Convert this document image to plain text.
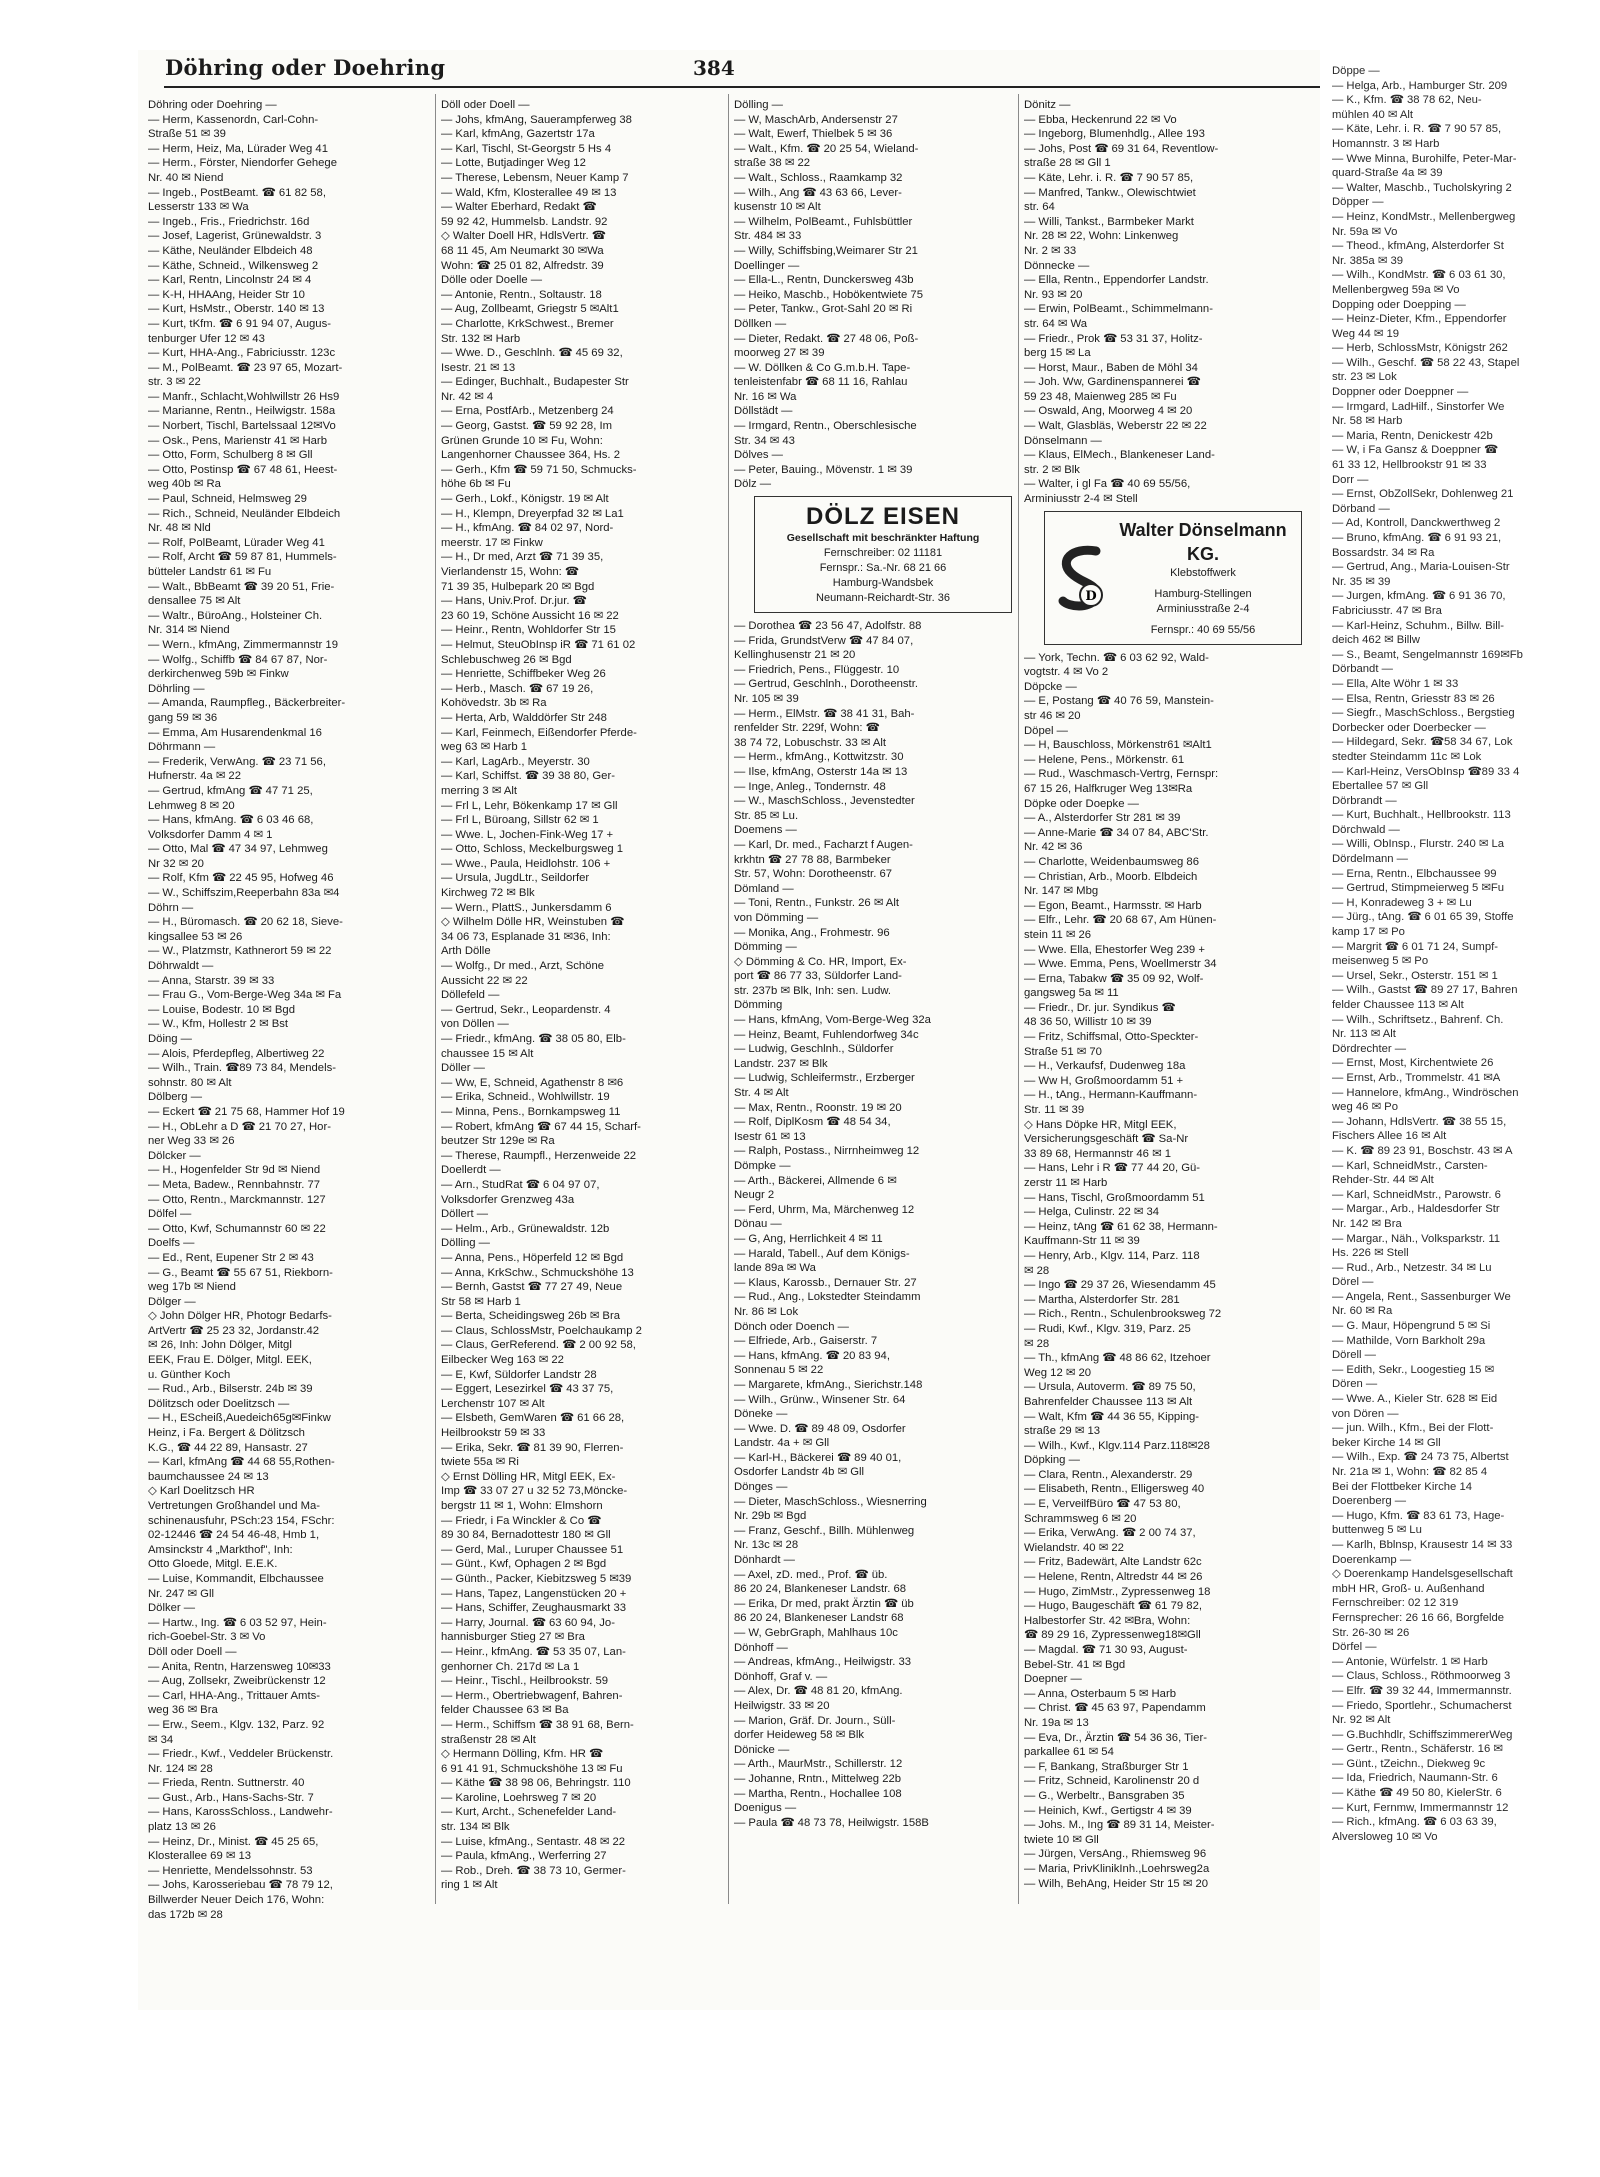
Döhring oder Doehring	384

Döhring oder Doehring —

— Herm, Kassenordn, Carl-Cohn-

Straße 51 ✉ 39

— Herm, Heiz, Ma, Lürader Weg 41

— Herm., Förster, Niendorfer Gehege

Nr. 40 ✉ Niend

— Ingeb., PostBeamt. ☎ 61 82 58,

Lesserstr 133 ✉ Wa

— Ingeb., Fris., Friedrichstr. 16d

— Josef, Lagerist, Grünewaldstr. 3

— Käthe, Neuländer Elbdeich 48

— Käthe, Schneid., Wilkensweg 2

— Karl, Rentn, Lincolnstr 24 ✉ 4

— K-H, HHAAng, Heider Str 10

— Kurt, HsMstr., Oberstr. 140 ✉ 13

— Kurt, tKfm. ☎ 6 91 94 07, Augus-

tenburger Ufer 12 ✉ 43

— Kurt, HHA-Ang., Fabriciusstr. 123c

— M., PolBeamt. ☎ 23 97 65, Mozart-

str. 3 ✉ 22

— Manfr., Schlacht,Wohlwillstr 26 Hs9

— Marianne, Rentn., Heilwigstr. 158a

— Norbert, Tischl, Bartelssaal 12✉Vo

— Osk., Pens, Marienstr 41 ✉ Harb

— Otto, Form, Schulberg 8 ✉ Gll

— Otto, Postinsp ☎ 67 48 61, Heest-

weg 40b ✉ Ra

— Paul, Schneid, Helmsweg 29

— Rich., Schneid, Neuländer Elbdeich

Nr. 48 ✉ Nld

— Rolf, PolBeamt, Lürader Weg 41

— Rolf, Archt ☎ 59 87 81, Hummels-

bütteler Landstr 61 ✉ Fu

— Walt., BbBeamt ☎ 39 20 51, Frie-

densallee 75 ✉ Alt

— Waltr., BüroAng., Holsteiner Ch.

Nr. 314 ✉ Niend

— Wern., kfmAng, Zimmermannstr 19

— Wolfg., Schiffb ☎ 84 67 87, Nor-

derkirchenweg 59b ✉ Finkw

Döhrling —

— Amanda, Raumpfleg., Bäckerbreiter-

gang 59 ✉ 36

— Emma, Am Husarendenkmal 16

Döhrmann —

— Frederik, VerwAng. ☎ 23 71 56,

Hufnerstr. 4a ✉ 22

— Gertrud, kfmAng ☎ 47 71 25,

Lehmweg 8 ✉ 20

— Hans, kfmAng. ☎ 6 03 46 68,

Volksdorfer Damm 4 ✉ 1

— Otto, Mal ☎ 47 34 97, Lehmweg

Nr 32 ✉ 20

— Rolf, Kfm ☎ 22 45 95, Hofweg 46

— W., Schiffszim,Reeperbahn 83a ✉4

Döhrn —

— H., Büromasch. ☎ 20 62 18, Sieve-

kingsallee 53 ✉ 26

— W., Platzmstr, Kathnerort 59 ✉ 22

Döhrwaldt —

— Anna, Starstr. 39 ✉ 33

— Frau G., Vom-Berge-Weg 34a ✉ Fa

— Louise, Bodestr. 10 ✉ Bgd

— W., Kfm, Hollestr 2 ✉ Bst

Döing —

— Alois, Pferdepfleg, Albertiweg 22

— Wilh., Train. ☎89 73 84, Mendels-

sohnstr. 80 ✉ Alt

Dölberg —

— Eckert ☎ 21 75 68, Hammer Hof 19

— H., ObLehr a D ☎ 21 70 27, Hor-

ner Weg 33 ✉ 26

Dölcker —

— H., Hogenfelder Str 9d ✉ Niend

— Meta, Badew., Rennbahnstr. 77

— Otto, Rentn., Marckmannstr. 127

Dölfel —

— Otto, Kwf, Schumannstr 60 ✉ 22

Doelfs —

— Ed., Rent, Eupener Str 2 ✉ 43

— G., Beamt ☎ 55 67 51, Riekborn-

weg 17b ✉ Niend

Dölger —

◇ John Dölger HR, Photogr Bedarfs-

ArtVertr ☎ 25 23 32, Jordanstr.42

✉ 26, Inh: John Dölger, Mitgl

EEK, Frau E. Dölger, Mitgl. EEK,

u. Günther Koch

— Rud., Arb., Bilserstr. 24b ✉ 39

Dölitzsch oder Doelitzsch —

— H., EScheiß,Auedeich65g✉Finkw

Heinz, i Fa. Bergert & Dölitzsch

K.G., ☎ 44 22 89, Hansastr. 27

— Karl, kfmAng ☎ 44 68 55,Rothen-

baumchaussee 24 ✉ 13

◇ Karl Doelitzsch HR

Vertretungen Großhandel und Ma-

schinenausfuhr, PSch:23 154, FSchr:

02-12446 ☎ 24 54 46-48, Hmb 1,

Amsinckstr 4 „Markthof", Inh:

Otto Gloede, Mitgl. E.E.K.

— Luise, Kommandit, Elbchaussee

Nr. 247 ✉ Gll

Dölker —

— Hartw., Ing. ☎ 6 03 52 97, Hein-

rich-Goebel-Str. 3 ✉ Vo

Döll oder Doell —

— Anita, Rentn, Harzensweg 10✉33

— Aug, Zollsekr, Zweibrückenstr 12

— Carl, HHA-Ang., Trittauer Amts-

weg 36 ✉ Bra

— Erw., Seem., Klgv. 132, Parz. 92

✉ 34

— Friedr., Kwf., Veddeler Brückenstr.

Nr. 124 ✉ 28

— Frieda, Rentn. Suttnerstr. 40

— Gust., Arb., Hans-Sachs-Str. 7

— Hans, KarossSchloss., Landwehr-

platz 13 ✉ 26

— Heinz, Dr., Minist. ☎ 45 25 65,

Klosterallee 69 ✉ 13

— Henriette, Mendelssohnstr. 53

— Johs, Karosseriebau ☎ 78 79 12,

Billwerder Neuer Deich 176, Wohn:

das 172b ✉ 28

Döll oder Doell —

— Johs, kfmAng, Sauerampferweg 38

— Karl, kfmAng, Gazertstr 17a

— Karl, Tischl, St-Georgstr 5 Hs 4

— Lotte, Butjadinger Weg 12

— Therese, Lebensm, Neuer Kamp 7

— Wald, Kfm, Klosterallee 49 ✉ 13

— Walter Eberhard, Redakt ☎

59 92 42, Hummelsb. Landstr. 92

◇ Walter Doell HR, HdlsVertr. ☎

68 11 45, Am Neumarkt 30 ✉Wa

Wohn: ☎ 25 01 82, Alfredstr. 39

Dölle oder Doelle —

— Antonie, Rentn., Soltaustr. 18

— Aug, Zollbeamt, Griegstr 5 ✉Alt1

— Charlotte, KrkSchwest., Bremer

Str. 132 ✉ Harb

— Wwe. D., Geschlnh. ☎ 45 69 32,

Isestr. 21 ✉ 13

— Edinger, Buchhalt., Budapester Str

Nr. 42 ✉ 4

— Erna, PostfArb., Metzenberg 24

— Georg, Gastst. ☎ 59 92 28, Im

Grünen Grunde 10 ✉ Fu, Wohn:

Langenhorner Chaussee 364, Hs. 2

— Gerh., Kfm ☎ 59 71 50, Schmucks-

höhe 6b ✉ Fu

— Gerh., Lokf., Königstr. 19 ✉ Alt

— H., Klempn, Dreyerpfad 32 ✉ La1

— H., kfmAng. ☎ 84 02 97, Nord-

meerstr. 17 ✉ Finkw

— H., Dr med, Arzt ☎ 71 39 35,

Vierlandenstr 15, Wohn: ☎

71 39 35, Hulbepark 20 ✉ Bgd

— Hans, Univ.Prof. Dr.jur. ☎

23 60 19, Schöne Aussicht 16 ✉ 22

— Heinr., Rentn, Wohldorfer Str 15

— Helmut, SteuObInsp iR ☎ 71 61 02

Schlebuschweg 26 ✉ Bgd

— Henriette, Schiffbeker Weg 26

— Herb., Masch. ☎ 67 19 26,

Kohövedstr. 3b ✉ Ra

— Herta, Arb, Walddörfer Str 248

— Karl, Feinmech, Eißendorfer Pferde-

weg 63 ✉ Harb 1

— Karl, LagArb., Meyerstr. 30

— Karl, Schiffst. ☎ 39 38 80, Ger-

merring 3 ✉ Alt

— Frl L, Lehr, Bökenkamp 17 ✉ Gll

— Frl L, Büroang, Sillstr 62 ✉ 1

— Wwe. L, Jochen-Fink-Weg 17 +

— Otto, Schloss, Meckelburgsweg 1

— Wwe., Paula, Heidlohstr. 106 +

— Ursula, JugdLtr., Seildorfer

Kirchweg 72 ✉ Blk

— Wern., PlattS., Junkersdamm 6

◇ Wilhelm Dölle HR, Weinstuben ☎

34 06 73, Esplanade 31 ✉36, Inh:

Arth Dölle

— Wolfg., Dr med., Arzt, Schöne

Aussicht 22 ✉ 22

Döllefeld —

— Gertrud, Sekr., Leopardenstr. 4

von Döllen —

— Friedr., kfmAng. ☎ 38 05 80, Elb-

chaussee 15 ✉ Alt

Döller —

— Ww, E, Schneid, Agathenstr 8 ✉6

— Erika, Schneid., Wohlwillstr. 19

— Minna, Pens., Bornkampsweg 11

— Robert, kfmAng ☎ 67 44 15, Scharf-

beutzer Str 129e ✉ Ra

— Therese, Raumpfl., Herzenweide 22

Doellerdt —

— Arn., StudRat ☎ 6 04 97 07,

Volksdorfer Grenzweg 43a

Döllert —

— Helm., Arb., Grünewaldstr. 12b

Dölling —

— Anna, Pens., Höperfeld 12 ✉ Bgd

— Anna, KrkSchw., Schmuckshöhe 13

— Bernh, Gastst ☎ 77 27 49, Neue

Str 58 ✉ Harb 1

— Berta, Scheidingsweg 26b ✉ Bra

— Claus, SchlossMstr, Poelchaukamp 2

— Claus, GerReferend. ☎ 2 00 92 58,

Eilbecker Weg 163 ✉ 22

— E, Kwf, Süldorfer Landstr 28

— Eggert, Lesezirkel ☎ 43 37 75,

Lerchenstr 107 ✉ Alt

— Elsbeth, GemWaren ☎ 61 66 28,

Heilbrookstr 59 ✉ 33

— Erika, Sekr. ☎ 81 39 90, Flerren-

twiete 55a ✉ Ri

◇ Ernst Dölling HR, Mitgl EEK, Ex-

Imp ☎ 33 07 27 u 32 52 73,Möncke-

bergstr 11 ✉ 1, Wohn: Elmshorn

— Friedr, i Fa Winckler & Co ☎

89 30 84, Bernadottestr 180 ✉ Gll

— Gerd, Mal., Luruper Chaussee 51

— Günt., Kwf, Ophagen 2 ✉ Bgd

— Günth., Packer, Kiebitzsweg 5 ✉39

— Hans, Tapez, Langenstücken 20 +

— Hans, Schiffer, Zeughausmarkt 33

— Harry, Journal. ☎ 63 60 94, Jo-

hannisburger Stieg 27 ✉ Bra

— Heinr., kfmAng. ☎ 53 35 07, Lan-

genhorner Ch. 217d ✉ La 1

— Heinr., Tischl., Heilbrookstr. 59

— Herm., Obertriebwagenf, Bahren-

felder Chaussee 63 ✉ Ba

— Herm., Schiffsm ☎ 38 91 68, Bern-

straßenstr 28 ✉ Alt

◇ Hermann Dölling, Kfm. HR ☎

6 91 41 91, Schmuckshöhe 13 ✉ Fu

— Käthe ☎ 38 98 06, Behringstr. 110

— Karoline, Loehrsweg 7 ✉ 20

— Kurt, Archt., Schenefelder Land-

str. 134 ✉ Blk

— Luise, kfmAng., Sentastr. 48 ✉ 22

— Paula, kfmAng., Werferring 27

— Rob., Dreh. ☎ 38 73 10, Germer-

ring 1 ✉ Alt

Dölling —

— W, MaschArb, Andersenstr 27

— Walt, Ewerf, Thielbek 5 ✉ 36

— Walt., Kfm. ☎ 20 25 54, Wieland-

straße 38 ✉ 22

— Walt., Schloss., Raamkamp 32

— Wilh., Ang ☎ 43 63 66, Lever-

kusenstr 10 ✉ Alt

— Wilhelm, PolBeamt., Fuhlsbüttler

Str. 484 ✉ 33

— Willy, Schiffsbing,Weimarer Str 21

Doellinger —

— Ella-L., Rentn, Dunckersweg 43b

— Heiko, Maschb., Hobökentwiete 75

— Peter, Tankw., Grot-Sahl 20 ✉ Ri

Döllken —

— Dieter, Redakt. ☎ 27 48 06, Poß-

moorweg 27 ✉ 39

— W. Döllken & Co G.m.b.H. Tape-

tenleistenfabr ☎ 68 11 16, Rahlau

Nr. 16 ✉ Wa

Döllstädt —

— Irmgard, Rentn., Oberschlesische

Str. 34 ✉ 43

Dölves —

— Peter, Bauing., Mövenstr. 1 ✉ 39

Dölz —

DÖLZ EISEN
Gesellschaft mit beschränkter Haftung
Fernschreiber: 02 11181
Fernspr.: Sa.-Nr. 68 21 66
Hamburg-Wandsbek
Neumann-Reichardt-Str. 36

— Dorothea ☎ 23 56 47, Adolfstr. 88

— Frida, GrundstVerw ☎ 47 84 07,

Kellinghusenstr 21 ✉ 20

— Friedrich, Pens., Flüggestr. 10

— Gertrud, Geschlnh., Dorotheenstr.

Nr. 105 ✉ 39

— Herm., ElMstr. ☎ 38 41 31, Bah-

renfelder Str. 229f, Wohn: ☎

38 74 72, Lobuschstr. 33 ✉ Alt

— Herm., kfmAng., Kottwitzstr. 30

— Ilse, kfmAng, Osterstr 14a ✉ 13

— Inge, Anleg., Tondernstr. 48

— W., MaschSchloss., Jevenstedter

Str. 85 ✉ Lu.

Doemens —

— Karl, Dr. med., Facharzt f Augen-

krkhtn ☎ 27 78 88, Barmbeker

Str. 57, Wohn: Dorotheenstr. 67

Dömland —

— Toni, Rentn., Funkstr. 26 ✉ Alt

von Dömming —

— Monika, Ang., Frohmestr. 96

Dömming —

◇ Dömming & Co. HR, Import, Ex-

port ☎ 86 77 33, Süldorfer Land-

str. 237b ✉ Blk, Inh: sen. Ludw.

Dömming

— Hans, kfmAng, Vom-Berge-Weg 32a

— Heinz, Beamt, Fuhlendorfweg 34c

— Ludwig, Geschlnh., Süldorfer

Landstr. 237 ✉ Blk

— Ludwig, Schleifermstr., Erzberger

Str. 4 ✉ Alt

— Max, Rentn., Roonstr. 19 ✉ 20

— Rolf, DiplKosm ☎ 48 54 34,

Isestr 61 ✉ 13

— Ralph, Postass., Nirrnheimweg 12

Dömpke —

— Arth., Bäckerei, Allmende 6 ✉

Neugr 2

— Ferd, Uhrm, Ma, Märchenweg 12

Dönau —

— G, Ang, Herrlichkeit 4 ✉ 11

— Harald, Tabell., Auf dem Königs-

lande 89a ✉ Wa

— Klaus, Karossb., Dernauer Str. 27

— Rud., Ang., Lokstedter Steindamm

Nr. 86 ✉ Lok

Dönch oder Doench —

— Elfriede, Arb., Gaiserstr. 7

— Hans, kfmAng. ☎ 20 83 94,

Sonnenau 5 ✉ 22

— Margarete, kfmAng., Sierichstr.148

— Wilh., Grünw., Winsener Str. 64

Döneke —

— Wwe. D. ☎ 89 48 09, Osdorfer

Landstr. 4a + ✉ Gll

— Karl-H., Bäckerei ☎ 89 40 01,

Osdorfer Landstr 4b ✉ Gll

Dönges —

— Dieter, MaschSchloss., Wiesnerring

Nr. 29b ✉ Bgd

— Franz, Geschf., Billh. Mühlenweg

Nr. 13c ✉ 28

Dönhardt —

— Axel, zD. med., Prof. ☎ üb.

86 20 24, Blankeneser Landstr. 68

— Erika, Dr med, prakt Ärztin ☎ üb

86 20 24, Blankeneser Landstr 68

— W, GebrGraph, Mahlhaus 10c

Dönhoff —

— Andreas, kfmAng., Heilwigstr. 33

Dönhoff, Graf v. —

— Alex, Dr. ☎ 48 81 20, kfmAng.

Heilwigstr. 33 ✉ 20

— Marion, Gräf. Dr. Journ., Süll-

dorfer Heideweg 58 ✉ Blk

Dönicke —

— Arth., MaurMstr., Schillerstr. 12

— Johanne, Rntn., Mittelweg 22b

— Martha, Rentn., Hochallee 108

Doenigus —

— Paula ☎ 48 73 78, Heilwigstr. 158B

Dönitz —

— Ebba, Heckenrund 22 ✉ Vo

— Ingeborg, Blumenhdlg., Allee 193

— Johs, Post ☎ 69 31 64, Reventlow-

straße 28 ✉ Gll 1

— Käte, Lehr. i. R. ☎ 7 90 57 85,

— Manfred, Tankw., Olewischtwiet

str. 64

— Willi, Tankst., Barmbeker Markt

Nr. 28 ✉ 22, Wohn: Linkenweg

Nr. 2 ✉ 33

Dönnecke —

— Ella, Rentn., Eppendorfer Landstr.

Nr. 93 ✉ 20

— Erwin, PolBeamt., Schimmelmann-

str. 64 ✉ Wa

— Friedr., Prok ☎ 53 31 37, Holitz-

berg 15 ✉ La

— Horst, Maur., Baben de Möhl 34

— Joh. Ww, Gardinenspannerei ☎

59 23 48, Maienweg 285 ✉ Fu

— Oswald, Ang, Moorweg 4 ✉ 20

— Walt, Glasbläs, Weberstr 22 ✉ 22

Dönselmann —

— Klaus, ElMech., Blankeneser Land-

str. 2 ✉ Blk

— Walter, i gl Fa ☎ 40 69 55/56,

Arminiusstr 2-4 ✉ Stell

D
Walter Dönselmann KG.
Klebstoffwerk
Hamburg-Stellingen
Arminiusstraße 2-4
Fernspr.: 40 69 55/56

— York, Techn. ☎ 6 03 62 92, Wald-

vogtstr. 4 ✉ Vo 2

Döpcke —

— E, Postang ☎ 40 76 59, Manstein-

str 46 ✉ 20

Döpel —

— H, Bauschloss, Mörkenstr61 ✉Alt1

— Helene, Pens., Mörkenstr. 61

— Rud., Waschmasch-Vertrg, Fernspr:

67 15 26, Halfkruger Weg 13✉Ra

Döpke oder Doepke —

— A., Alsterdorfer Str 281 ✉ 39

— Anne-Marie ☎ 34 07 84, ABC'Str.

Nr. 42 ✉ 36

— Charlotte, Weidenbaumsweg 86

— Christian, Arb., Moorb. Elbdeich

Nr. 147 ✉ Mbg

— Egon, Beamt., Harmsstr. ✉ Harb

— Elfr., Lehr. ☎ 20 68 67, Am Hünen-

stein 11 ✉ 26

— Wwe. Ella, Ehestorfer Weg 239 +

— Wwe. Emma, Pens, Woellmerstr 34

— Erna, Tabakw ☎ 35 09 92, Wolf-

gangsweg 5a ✉ 11

— Friedr., Dr. jur. Syndikus ☎

48 36 50, Willistr 10 ✉ 39

— Fritz, Schiffsmal, Otto-Speckter-

Straße 51 ✉ 70

— H., Verkaufsf, Dudenweg 18a

— Ww H, Großmoordamm 51 +

— H., tAng., Hermann-Kauffmann-

Str. 11 ✉ 39

◇ Hans Döpke HR, Mitgl EEK,

Versicherungsgeschäft ☎ Sa-Nr

33 89 68, Hermannstr 46 ✉ 1

— Hans, Lehr i R ☎ 77 44 20, Gü-

zerstr 11 ✉ Harb

— Hans, Tischl, Großmoordamm 51

— Helga, Culinstr. 22 ✉ 34

— Heinz, tAng ☎ 61 62 38, Hermann-

Kauffmann-Str 11 ✉ 39

— Henry, Arb., Klgv. 114, Parz. 118

✉ 28

— Ingo ☎ 29 37 26, Wiesendamm 45

— Martha, Alsterdorfer Str. 281

— Rich., Rentn., Schulenbrooksweg 72

— Rudi, Kwf., Klgv. 319, Parz. 25

✉ 28

— Th., kfmAng ☎ 48 86 62, Itzehoer

Weg 12 ✉ 20

— Ursula, Autoverm. ☎ 89 75 50,

Bahrenfelder Chaussee 113 ✉ Alt

— Walt, Kfm ☎ 44 36 55, Kipping-

straße 29 ✉ 13

— Wilh., Kwf., Klgv.114 Parz.118✉28

Döpking —

— Clara, Rentn., Alexanderstr. 29

— Elisabeth, Rentn., Elligersweg 40

— E, VerveilfBüro ☎ 47 53 80,

Schrammsweg 6 ✉ 20

— Erika, VerwAng. ☎ 2 00 74 37,

Wielandstr. 40 ✉ 22

— Fritz, Badewärt, Alte Landstr 62c

— Helene, Rentn, Altredstr 44 ✉ 26

— Hugo, ZimMstr., Zypressenweg 18

— Hugo, Baugeschäft ☎ 61 79 82,

Halbestorfer Str. 42 ✉Bra, Wohn:

☎ 89 29 16, Zypressenweg18✉Gll

— Magdal. ☎ 71 30 93, August-

Bebel-Str. 41 ✉ Bgd

Doepner —

— Anna, Osterbaum 5 ✉ Harb

— Christ. ☎ 45 63 97, Papendamm

Nr. 19a ✉ 13

— Eva, Dr., Ärztin ☎ 54 36 36, Tier-

parkallee 61 ✉ 54

— F, Bankang, Straßburger Str 1

— Fritz, Schneid, Karolinenstr 20 d

— G., Werbeltr., Bansgraben 35

— Heinich, Kwf., Gertigstr 4 ✉ 39

— Johs. M., Ing ☎ 89 31 14, Meister-

twiete 10 ✉ Gll

— Jürgen, VersAng., Rhiemsweg 96

— Maria, PrivKlinikInh.,Loehrsweg2a

— Wilh, BehAng, Heider Str 15 ✉ 20

Döppe —

— Helga, Arb., Hamburger Str. 209

— K., Kfm. ☎ 38 78 62, Neu-

mühlen 40 ✉ Alt

— Käte, Lehr. i. R. ☎ 7 90 57 85,

Homannstr. 3 ✉ Harb

— Wwe Minna, Burohilfe, Peter-Mar-

quard-Straße 4a ✉ 39

— Walter, Maschb., Tucholskyring 2

Döpper —

— Heinz, KondMstr., Mellenbergweg

Nr. 59a ✉ Vo

— Theod., kfmAng, Alsterdorfer St

Nr. 385a ✉ 39

— Wilh., KondMstr. ☎ 6 03 61 30,

Mellenbergweg 59a ✉ Vo

Dopping oder Doepping —

— Heinz-Dieter, Kfm., Eppendorfer

Weg 44 ✉ 19

— Herb, SchlossMstr, Königstr 262

— Wilh., Geschf. ☎ 58 22 43, Stapel

str. 23 ✉ Lok

Doppner oder Doeppner —

— Irmgard, LadHilf., Sinstorfer We

Nr. 58 ✉ Harb

— Maria, Rentn, Denickestr 42b

— W, i Fa Gansz & Doeppner ☎

61 33 12, Hellbrookstr 91 ✉ 33

Dorr —

— Ernst, ObZollSekr, Dohlenweg 21

Dörband —

— Ad, Kontroll, Danckwerthweg 2

— Bruno, kfmAng. ☎ 6 91 93 21,

Bossardstr. 34 ✉ Ra

— Gertrud, Ang., Maria-Louisen-Str

Nr. 35 ✉ 39

— Jurgen, kfmAng. ☎ 6 91 36 70,

Fabriciusstr. 47 ✉ Bra

— Karl-Heinz, Schuhm., Billw. Bill-

deich 462 ✉ Billw

— S., Beamt, Sengelmannstr 169✉Fb

Dörbandt —

— Ella, Alte Wöhr 1 ✉ 33

— Elsa, Rentn, Griesstr 83 ✉ 26

— Siegfr., MaschSchloss., Bergstieg

Dorbecker oder Doerbecker —

— Hildegard, Sekr. ☎58 34 67, Lok

stedter Steindamm 11c ✉ Lok

— Karl-Heinz, VersObInsp ☎89 33 4

Ebertallee 57 ✉ Gll

Dörbrandt —

— Kurt, Buchhalt., Hellbrookstr. 113

Dörchwald —

— Willi, ObInsp., Flurstr. 240 ✉ La

Dördelmann —

— Erna, Rentn., Elbchaussee 99

— Gertrud, Stimpmeierweg 5 ✉Fu

— H, Konradeweg 3 + ✉ Lu

— Jürg., tAng. ☎ 6 01 65 39, Stoffe

kamp 17 ✉ Po

— Margrit ☎ 6 01 71 24, Sumpf-

meisenweg 5 ✉ Po

— Ursel, Sekr., Osterstr. 151 ✉ 1

— Wilh., Gastst ☎ 89 27 17, Bahren

felder Chaussee 113 ✉ Alt

— Wilh., Schriftsetz., Bahrenf. Ch.

Nr. 113 ✉ Alt

Dördrechter —

— Ernst, Most, Kirchentwiete 26

— Ernst, Arb., Trommelstr. 41 ✉A

— Hannelore, kfmAng., Windröschen

weg 46 ✉ Po

— Johann, HdlsVertr. ☎ 38 55 15,

Fischers Allee 16 ✉ Alt

— K. ☎ 89 23 91, Boschstr. 43 ✉ A

— Karl, SchneidMstr., Carsten-

Rehder-Str. 44 ✉ Alt

— Karl, SchneidMstr., Parowstr. 6

— Margar., Arb., Haldesdorfer Str

Nr. 142 ✉ Bra

— Margar., Näh., Volksparkstr. 11

Hs. 226 ✉ Stell

— Rud., Arb., Netzestr. 34 ✉ Lu

Dörel —

— Angela, Rent., Sassenburger We

Nr. 60 ✉ Ra

— G. Maur, Höpengrund 5 ✉ Si

— Mathilde, Vorn Barkholt 29a

Dörell —

— Edith, Sekr., Loogestieg 15 ✉

Dören —

— Wwe. A., Kieler Str. 628 ✉ Eid

von Dören —

— jun. Wilh., Kfm., Bei der Flott-

beker Kirche 14 ✉ Gll

— Wilh., Exp. ☎ 24 73 75, Albertst

Nr. 21a ✉ 1, Wohn: ☎ 82 85 4

Bei der Flottbeker Kirche 14

Doerenberg —

— Hugo, Kfm. ☎ 83 61 73, Hage-

buttenweg 5 ✉ Lu

— Karlh, Bblnsp, Krausestr 14 ✉ 33

Doerenkamp —

◇ Doerenkamp Handelsgesellschaft

mbH HR, Groß- u. Außenhand

Fernschreiber: 02 12 319

Fernsprecher: 26 16 66, Borgfelde

Str. 26-30 ✉ 26

Dörfel —

— Antonie, Würfelstr. 1 ✉ Harb

— Claus, Schloss., Röthmoorweg 3

— Elfr. ☎ 39 32 44, Immermannstr.

— Friedo, Sportlehr., Schumacherst

Nr. 92 ✉ Alt

— G.Buchhdlr, SchiffszimmererWeg

— Gertr., Rentn., Schäferstr. 16 ✉

— Günt., tZeichn., Diekweg 9c

— Ida, Friedrich, Naumann-Str. 6

— Käthe ☎ 49 50 80, KielerStr. 6

— Kurt, Fernmw, Immermannstr 12

— Rich., kfmAng. ☎ 6 03 63 39,

Alversloweg 10 ✉ Vo
